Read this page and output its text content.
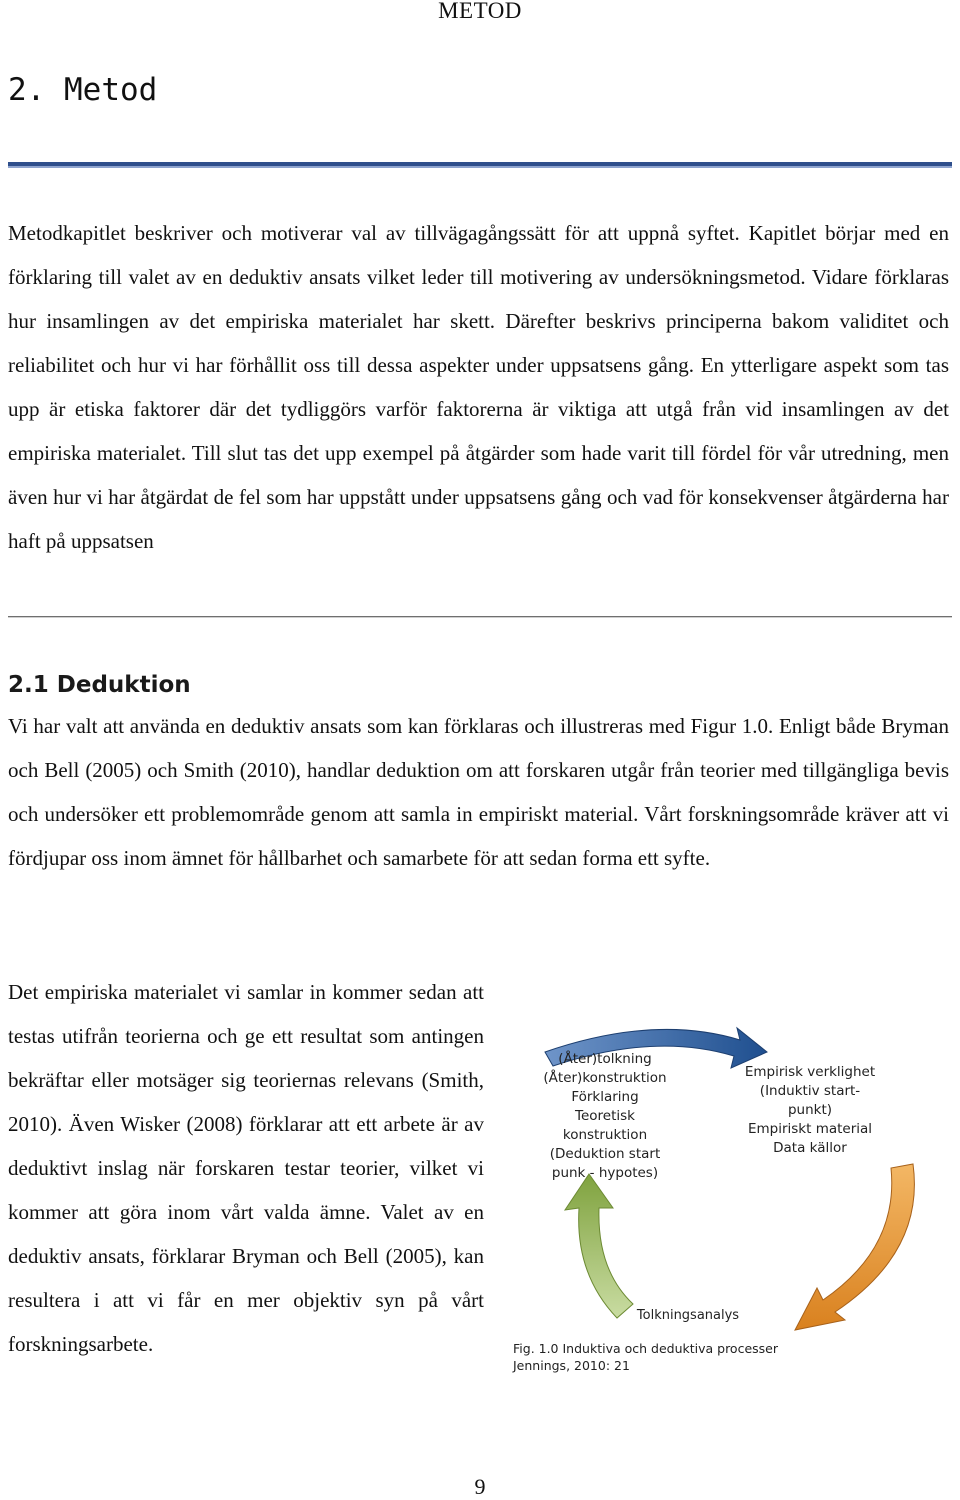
METOD
2. Metod

Metodkapitlet beskriver och motiverar val av tillvägagångssätt för att uppnå syftet. Kapitlet börjar med en förklaring till valet av en deduktiv ansats vilket leder till motivering av undersökningsmetod. Vidare förklaras hur insamlingen av det empiriska materialet har skett. Därefter beskrivs principerna bakom validitet och reliabilitet och hur vi har förhållit oss till dessa aspekter under uppsatsens gång. En ytterligare aspekt som tas upp är etiska faktorer där det tydliggörs varför faktorerna är viktiga att utgå från vid insamlingen av det empiriska materialet. Till slut tas det upp exempel på åtgärder som hade varit till fördel för vår utredning, men även hur vi har åtgärdat de fel som har uppstått under uppsatsens gång och vad för konsekvenser åtgärderna har haft på uppsatsen

2.1 Deduktion

Vi har valt att använda en deduktiv ansats som kan förklaras och illustreras med Figur 1.0. Enligt både Bryman och Bell (2005) och Smith (2010), handlar deduktion om att forskaren utgår från teorier med tillgängliga bevis och undersöker ett problemområde genom att samla in empiriskt material. Vårt forskningsområde kräver att vi fördjupar oss inom ämnet för hållbarhet och samarbete för att sedan forma ett syfte.

Det empiriska materialet vi samlar in kommer sedan att testas utifrån teorierna och ge ett resultat som antingen bekräftar eller motsäger sig teoriernas relevans (Smith, 2010). Även Wisker (2008) förklarar att ett arbete är av deduktivt inslag när forskaren testar teorier, vilket vi kommer att göra inom vårt valda ämne. Valet av en deduktiv ansats, förklarar Bryman och Bell (2005), kan resultera i att vi får en mer objektiv syn på vårt forskningsarbete.

(Åter)tolkning
(Åter)konstruktion
Förklaring
Teoretisk
konstruktion
(Deduktion start
punk - hypotes)

Empirisk verklighet
(Induktiv start-
punkt)
Empiriskt material
Data källor

Tolkningsanalys

Fig. 1.0 Induktiva och deduktiva processer
Jennings, 2010: 21

9
